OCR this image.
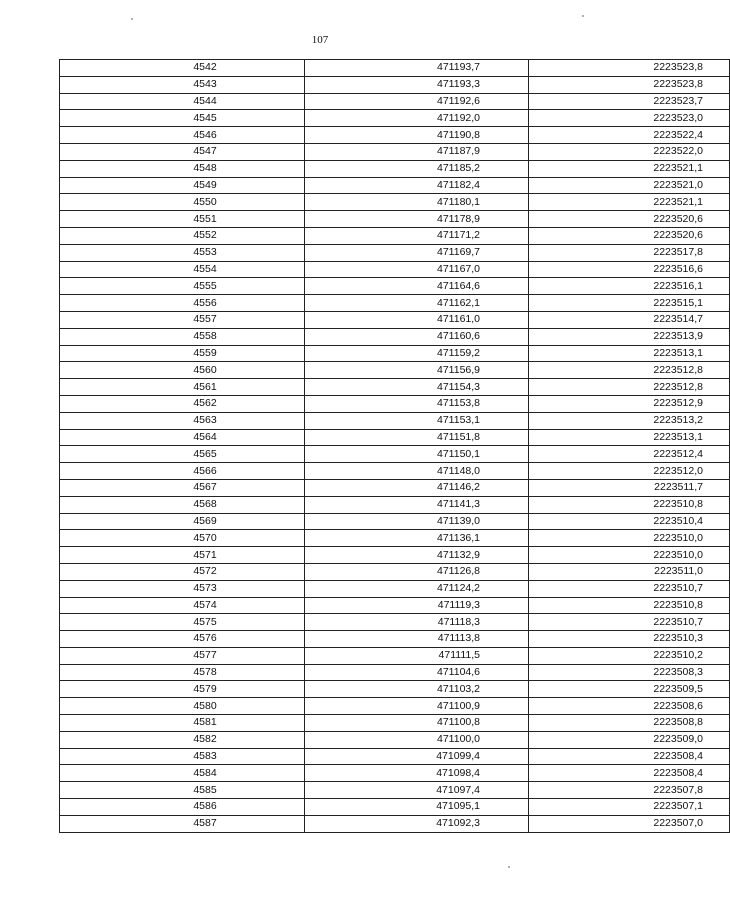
107
4542	471193,7	2223523,8
4543	471193,3	2223523,8
4544	471192,6	2223523,7
4545	471192,0	2223523,0
4546	471190,8	2223522,4
4547	471187,9	2223522,0
4548	471185,2	2223521,1
4549	471182,4	2223521,0
4550	471180,1	2223521,1
4551	471178,9	2223520,6
4552	471171,2	2223520,6
4553	471169,7	2223517,8
4554	471167,0	2223516,6
4555	471164,6	2223516,1
4556	471162,1	2223515,1
4557	471161,0	2223514,7
4558	471160,6	2223513,9
4559	471159,2	2223513,1
4560	471156,9	2223512,8
4561	471154,3	2223512,8
4562	471153,8	2223512,9
4563	471153,1	2223513,2
4564	471151,8	2223513,1
4565	471150,1	2223512,4
4566	471148,0	2223512,0
4567	471146,2	2223511,7
4568	471141,3	2223510,8
4569	471139,0	2223510,4
4570	471136,1	2223510,0
4571	471132,9	2223510,0
4572	471126,8	2223511,0
4573	471124,2	2223510,7
4574	471119,3	2223510,8
4575	471118,3	2223510,7
4576	471113,8	2223510,3
4577	471111,5	2223510,2
4578	471104,6	2223508,3
4579	471103,2	2223509,5
4580	471100,9	2223508,6
4581	471100,8	2223508,8
4582	471100,0	2223509,0
4583	471099,4	2223508,4
4584	471098,4	2223508,4
4585	471097,4	2223507,8
4586	471095,1	2223507,1
4587	471092,3	2223507,0
